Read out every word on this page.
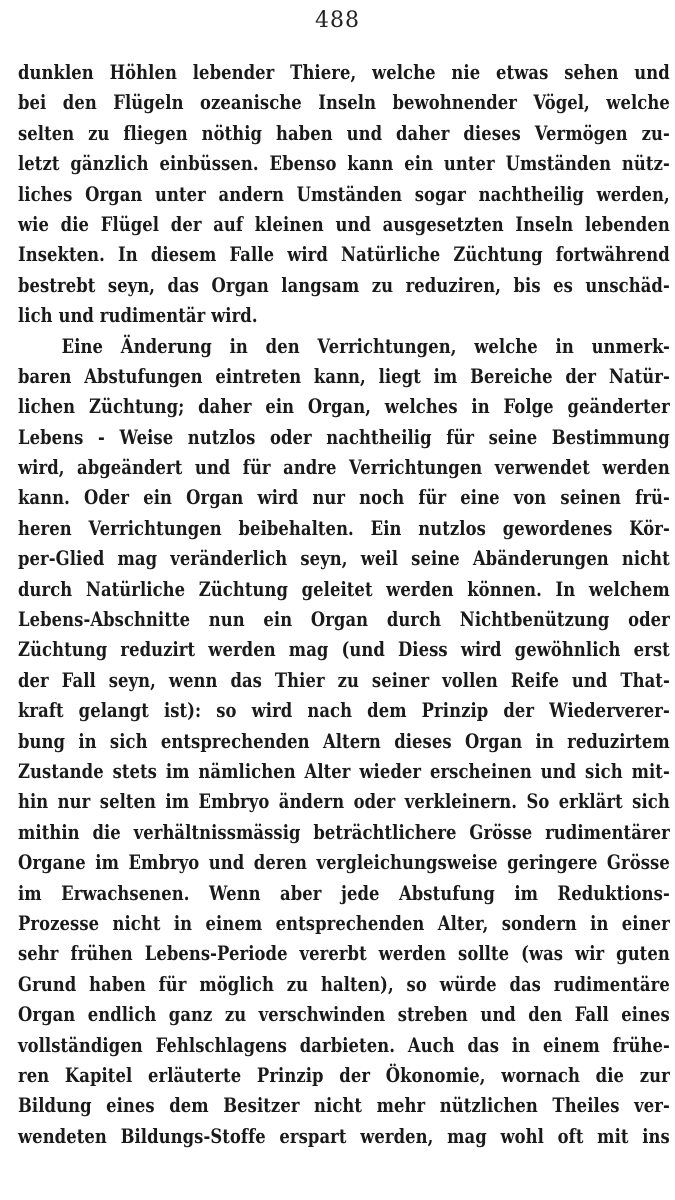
488
dunklen Höhlen lebender Thiere, welche nie etwas sehen und
bei den Flügeln ozeanische Inseln bewohnender Vögel, welche
selten zu fliegen nöthig haben und daher dieses Vermögen zu-
letzt gänzlich einbüssen. Ebenso kann ein unter Umständen nütz-
liches Organ unter andern Umständen sogar nachtheilig werden,
wie die Flügel der auf kleinen und ausgesetzten Inseln lebenden
Insekten. In diesem Falle wird Natürliche Züchtung fortwährend
bestrebt seyn, das Organ langsam zu reduziren, bis es unschäd-
lich und rudimentär wird.
Eine Änderung in den Verrichtungen, welche in unmerk-
baren Abstufungen eintreten kann, liegt im Bereiche der Natür-
lichen Züchtung; daher ein Organ, welches in Folge geänderter
Lebens - Weise nutzlos oder nachtheilig für seine Bestimmung
wird, abgeändert und für andre Verrichtungen verwendet werden
kann. Oder ein Organ wird nur noch für eine von seinen frü-
heren Verrichtungen beibehalten. Ein nutzlos gewordenes Kör-
per-Glied mag veränderlich seyn, weil seine Abänderungen nicht
durch Natürliche Züchtung geleitet werden können. In welchem
Lebens-Abschnitte nun ein Organ durch Nichtbenützung oder
Züchtung reduzirt werden mag (und Diess wird gewöhnlich erst
der Fall seyn, wenn das Thier zu seiner vollen Reife und That-
kraft gelangt ist): so wird nach dem Prinzip der Wiederverer-
bung in sich entsprechenden Altern dieses Organ in reduzirtem
Zustande stets im nämlichen Alter wieder erscheinen und sich mit-
hin nur selten im Embryo ändern oder verkleinern. So erklärt sich
mithin die verhältnissmässig beträchtlichere Grösse rudimentärer
Organe im Embryo und deren vergleichungsweise geringere Grösse
im Erwachsenen. Wenn aber jede Abstufung im Reduktions-
Prozesse nicht in einem entsprechenden Alter, sondern in einer
sehr frühen Lebens-Periode vererbt werden sollte (was wir guten
Grund haben für möglich zu halten), so würde das rudimentäre
Organ endlich ganz zu verschwinden streben und den Fall eines
vollständigen Fehlschlagens darbieten. Auch das in einem frühe-
ren Kapitel erläuterte Prinzip der Ökonomie, wornach die zur
Bildung eines dem Besitzer nicht mehr nützlichen Theiles ver-
wendeten Bildungs-Stoffe erspart werden, mag wohl oft mit ins
